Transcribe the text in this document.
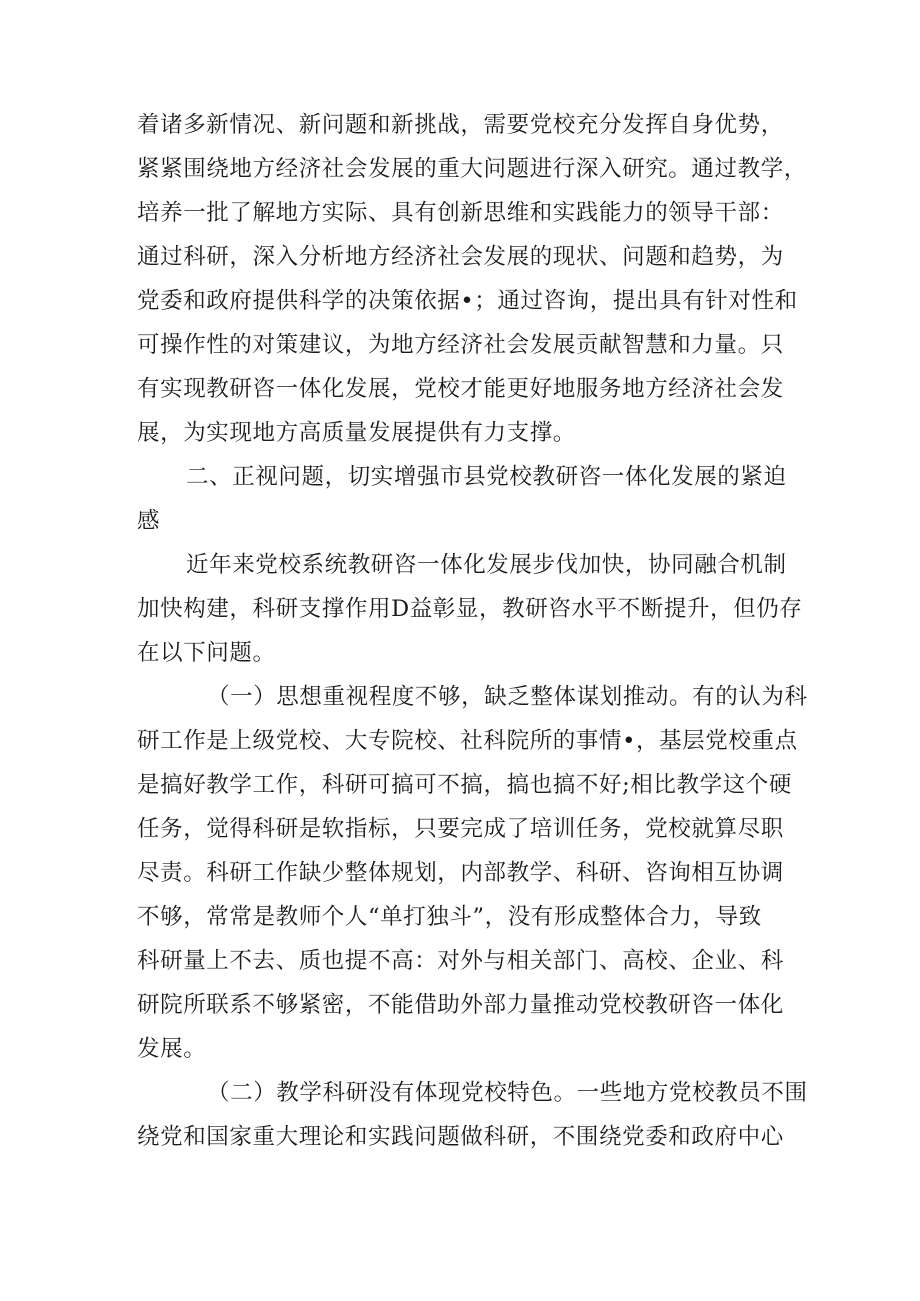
着诸多新情况、新问题和新挑战，需要党校充分发挥自身优势，
紧紧围绕地方经济社会发展的重大问题进行深入研究。通过教学，
培养一批了解地方实际、具有创新思维和实践能力的领导干部：
通过科研，深入分析地方经济社会发展的现状、问题和趋势，为
党委和政府提供科学的决策依据•；通过咨询，提出具有针对性和
可操作性的对策建议，为地方经济社会发展贡献智慧和力量。只
有实现教研咨一体化发展，党校才能更好地服务地方经济社会发
展，为实现地方高质量发展提供有力支撑。
二、正视问题，切实增强市县党校教研咨一体化发展的紧迫
感
近年来党校系统教研咨一体化发展步伐加快，协同融合机制
加快构建，科研支撑作用D益彰显，教研咨水平不断提升，但仍存
在以下问题。
（一）思想重视程度不够，缺乏整体谋划推动。有的认为科
研工作是上级党校、大专院校、社科院所的事情•，基层党校重点
是搞好教学工作，科研可搞可不搞，搞也搞不好;相比教学这个硬
任务，觉得科研是软指标，只要完成了培训任务，党校就算尽职
尽责。科研工作缺少整体规划，内部教学、科研、咨询相互协调
不够，常常是教师个人“单打独斗”，没有形成整体合力，导致
科研量上不去、质也提不高：对外与相关部门、高校、企业、科
研院所联系不够紧密，不能借助外部力量推动党校教研咨一体化
发展。
（二）教学科研没有体现党校特色。一些地方党校教员不围
绕党和国家重大理论和实践问题做科研，不围绕党委和政府中心
